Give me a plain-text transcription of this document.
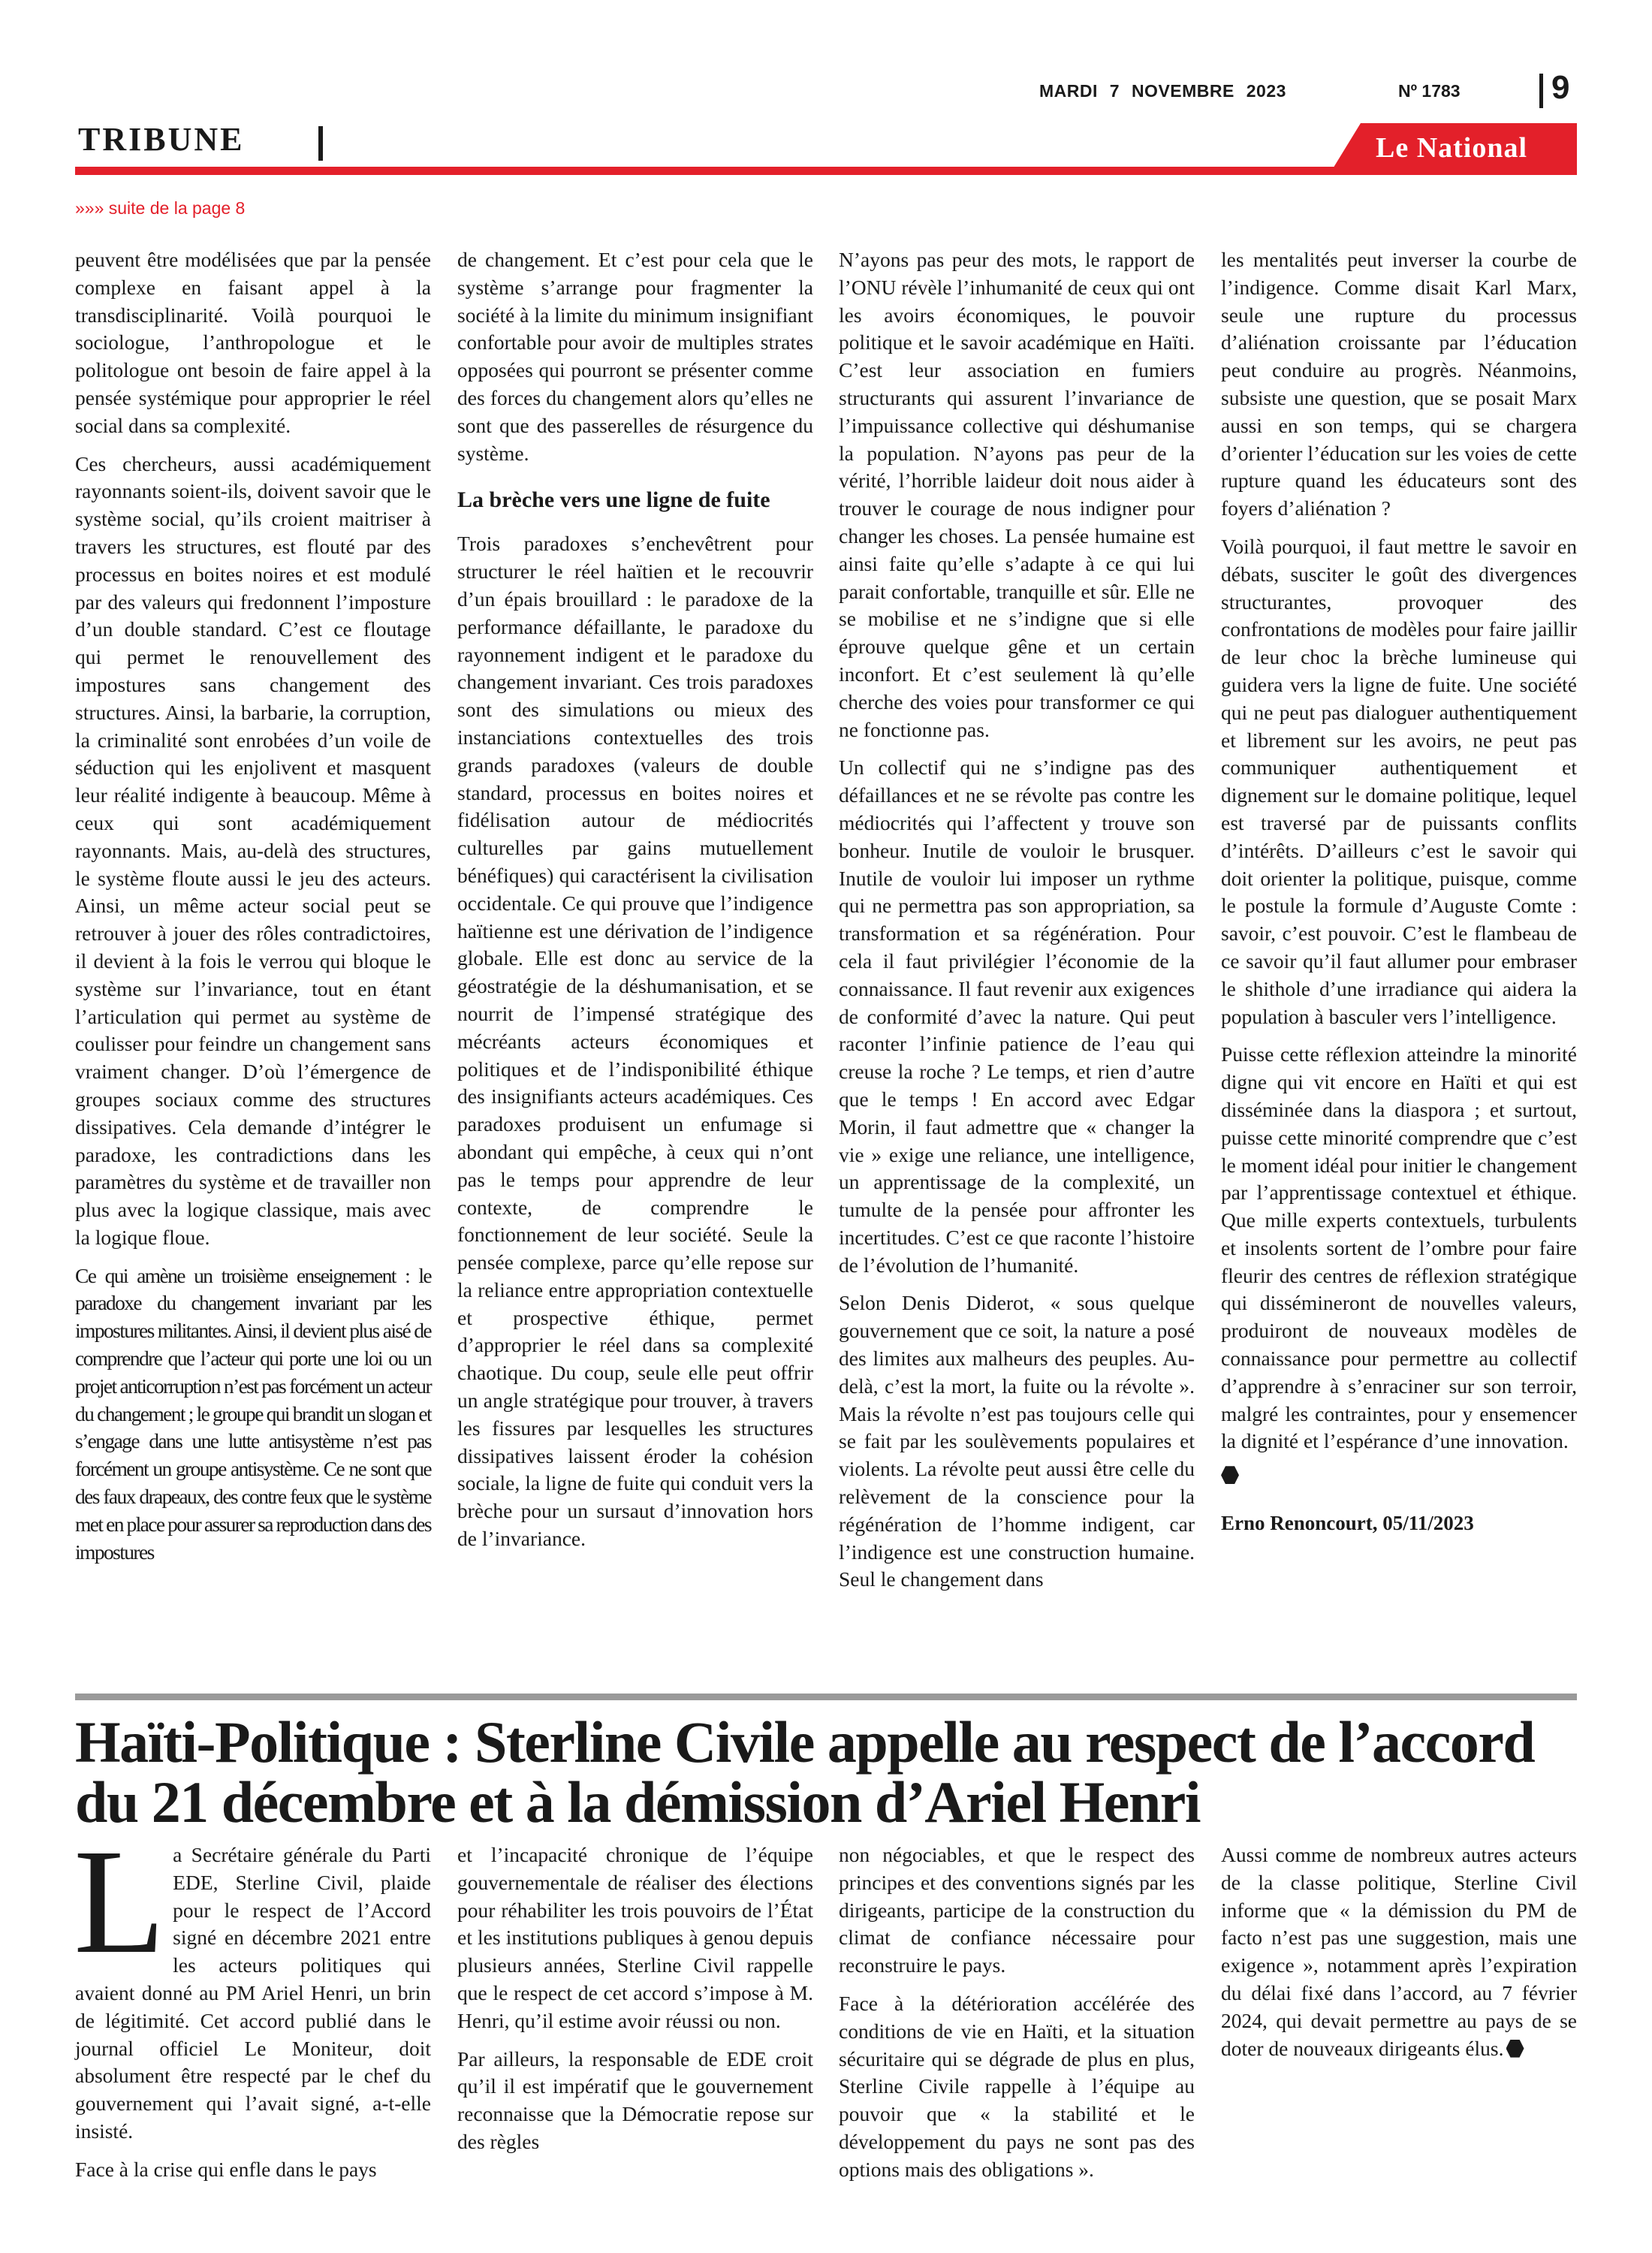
MARDI 7 NOVEMBRE 2023	Nº 1783	9
TRIBUNE	Le National
»»» suite de la page 8

peuvent être modélisées que par la pensée complexe en faisant appel à la transdisciplinarité. Voilà pourquoi le sociologue, l’anthropologue et le politologue ont besoin de faire appel à la pensée systémique pour approprier le réel social dans sa complexité.

Ces chercheurs, aussi académiquement rayonnants soient-ils, doivent savoir que le système social, qu’ils croient maitriser à travers les structures, est flouté par des processus en boites noires et est modulé par des valeurs qui fredonnent l’imposture d’un double standard. C’est ce floutage qui permet le renouvellement des impostures sans changement des structures. Ainsi, la barbarie, la corruption, la criminalité sont enrobées d’un voile de séduction qui les enjolivent et masquent leur réalité indigente à beaucoup. Même à ceux qui sont académiquement rayonnants. Mais, au-delà des structures, le système floute aussi le jeu des acteurs. Ainsi, un même acteur social peut se retrouver à jouer des rôles contradictoires, il devient à la fois le verrou qui bloque le système sur l’invariance, tout en étant l’articulation qui permet au système de coulisser pour feindre un changement sans vraiment changer. D’où l’émergence de groupes sociaux comme des structures dissipatives. Cela demande d’intégrer le paradoxe, les contradictions dans les paramètres du système et de travailler non plus avec la logique classique, mais avec la logique floue.

Ce qui amène un troisième enseignement : le paradoxe du changement invariant par les impostures militantes. Ainsi, il devient plus aisé de comprendre que l’acteur qui porte une loi ou un projet anticorruption n’est pas forcément un acteur du changement ; le groupe qui brandit un slogan et s’engage dans une lutte antisystème n’est pas forcément un groupe antisystème. Ce ne sont que des faux drapeaux, des contre feux que le système met en place pour assurer sa reproduction dans des impostures

de changement. Et c’est pour cela que le système s’arrange pour fragmenter la société à la limite du minimum insignifiant confortable pour avoir de multiples strates opposées qui pourront se présenter comme des forces du changement alors qu’elles ne sont que des passerelles de résurgence du système.

La brèche vers une ligne de fuite

Trois paradoxes s’enchevêtrent pour structurer le réel haïtien et le recouvrir d’un épais brouillard : le paradoxe de la performance défaillante, le paradoxe du rayonnement indigent et le paradoxe du changement invariant. Ces trois paradoxes sont des simulations ou mieux des instanciations contextuelles des trois grands paradoxes (valeurs de double standard, processus en boites noires et fidélisation autour de médiocrités culturelles par gains mutuellement bénéfiques) qui caractérisent la civilisation occidentale. Ce qui prouve que l’indigence haïtienne est une dérivation de l’indigence globale. Elle est donc au service de la géostratégie de la déshumanisation, et se nourrit de l’impensé stratégique des mécréants acteurs économiques et politiques et de l’indisponibilité éthique des insignifiants acteurs académiques. Ces paradoxes produisent un enfumage si abondant qui empêche, à ceux qui n’ont pas le temps pour apprendre de leur contexte, de comprendre le fonctionnement de leur société. Seule la pensée complexe, parce qu’elle repose sur la reliance entre appropriation contextuelle et prospective éthique, permet d’approprier le réel dans sa complexité chaotique. Du coup, seule elle peut offrir un angle stratégique pour trouver, à travers les fissures par lesquelles les structures dissipatives laissent éroder la cohésion sociale, la ligne de fuite qui conduit vers la brèche pour un sursaut d’innovation hors de l’invariance.

N’ayons pas peur des mots, le rapport de l’ONU révèle l’inhumanité de ceux qui ont les avoirs économiques, le pouvoir politique et le savoir académique en Haïti. C’est leur association en fumiers structurants qui assurent l’invariance de l’impuissance collective qui déshumanise la population. N’ayons pas peur de la vérité, l’horrible laideur doit nous aider à trouver le courage de nous indigner pour changer les choses. La pensée humaine est ainsi faite qu’elle s’adapte à ce qui lui parait confortable, tranquille et sûr. Elle ne se mobilise et ne s’indigne que si elle éprouve quelque gêne et un certain inconfort. Et c’est seulement là qu’elle cherche des voies pour transformer ce qui ne fonctionne pas.

Un collectif qui ne s’indigne pas des défaillances et ne se révolte pas contre les médiocrités qui l’affectent y trouve son bonheur. Inutile de vouloir le brusquer. Inutile de vouloir lui imposer un rythme qui ne permettra pas son appropriation, sa transformation et sa régénération. Pour cela il faut privilégier l’économie de la connaissance. Il faut revenir aux exigences de conformité d’avec la nature. Qui peut raconter l’infinie patience de l’eau qui creuse la roche ? Le temps, et rien d’autre que le temps ! En accord avec Edgar Morin, il faut admettre que « changer la vie » exige une reliance, une intelligence, un apprentissage de la complexité, un tumulte de la pensée pour affronter les incertitudes. C’est ce que raconte l’histoire de l’évolution de l’humanité.

Selon Denis Diderot, « sous quelque gouvernement que ce soit, la nature a posé des limites aux malheurs des peuples. Au-delà, c’est la mort, la fuite ou la révolte ». Mais la révolte n’est pas toujours celle qui se fait par les soulèvements populaires et violents. La révolte peut aussi être celle du relèvement de la conscience pour la régénération de l’homme indigent, car l’indigence est une construction humaine. Seul le changement dans

les mentalités peut inverser la courbe de l’indigence. Comme disait Karl Marx, seule une rupture du processus d’aliénation croissante par l’éducation peut conduire au progrès. Néanmoins, subsiste une question, que se posait Marx aussi en son temps, qui se chargera d’orienter l’éducation sur les voies de cette rupture quand les éducateurs sont des foyers d’aliénation ?

Voilà pourquoi, il faut mettre le savoir en débats, susciter le goût des divergences structurantes, provoquer des confrontations de modèles pour faire jaillir de leur choc la brèche lumineuse qui guidera vers la ligne de fuite. Une société qui ne peut pas dialoguer authentiquement et librement sur les avoirs, ne peut pas communiquer authentiquement et dignement sur le domaine politique, lequel est traversé par de puissants conflits d’intérêts. D’ailleurs c’est le savoir qui doit orienter la politique, puisque, comme le postule la formule d’Auguste Comte : savoir, c’est pouvoir. C’est le flambeau de ce savoir qu’il faut allumer pour embraser le shithole d’une irradiance qui aidera la population à basculer vers l’intelligence.

Puisse cette réflexion atteindre la minorité digne qui vit encore en Haïti et qui est disséminée dans la diaspora ; et surtout, puisse cette minorité comprendre que c’est le moment idéal pour initier le changement par l’apprentissage contextuel et éthique. Que mille experts contextuels, turbulents et insolents sortent de l’ombre pour faire fleurir des centres de réflexion stratégique qui dissémineront de nouvelles valeurs, produiront de nouveaux modèles de connaissance pour permettre au collectif d’apprendre à s’enraciner sur son terroir, malgré les contraintes, pour y ensemencer la dignité et l’espérance d’une innovation.

Erno Renoncourt, 05/11/2023

Haïti-Politique : Sterline Civile appelle au respect de l’accord du 21 décembre et à la démission d’Ariel Henri

La Secrétaire générale du Parti EDE, Sterline Civil, plaide pour le respect de l’Accord signé en décembre 2021 entre les acteurs politiques qui avaient donné au PM Ariel Henri, un brin de légitimité. Cet accord publié dans le journal officiel Le Moniteur, doit absolument être respecté par le chef du gouvernement qui l’avait signé, a-t-elle insisté.

Face à la crise qui enfle dans le pays

et l’incapacité chronique de l’équipe gouvernementale de réaliser des élections pour réhabiliter les trois pouvoirs de l’État et les institutions publiques à genou depuis plusieurs années, Sterline Civil rappelle que le respect de cet accord s’impose à M. Henri, qu’il estime avoir réussi ou non.

Par ailleurs, la responsable de EDE croit qu’il il est impératif que le gouvernement reconnaisse que la Démocratie repose sur des règles

non négociables, et que le respect des principes et des conventions signés par les dirigeants, participe de la construction du climat de confiance nécessaire pour reconstruire le pays.

Face à la détérioration accélérée des conditions de vie en Haïti, et la situation sécuritaire qui se dégrade de plus en plus, Sterline Civile rappelle à l’équipe au pouvoir que « la stabilité et le développement du pays ne sont pas des options mais des obligations ».

Aussi comme de nombreux autres acteurs de la classe politique, Sterline Civil informe que « la démission du PM de facto n’est pas une suggestion, mais une exigence », notamment après l’expiration du délai fixé dans l’accord, au 7 février 2024, qui devait permettre au pays de se doter de nouveaux dirigeants élus.
